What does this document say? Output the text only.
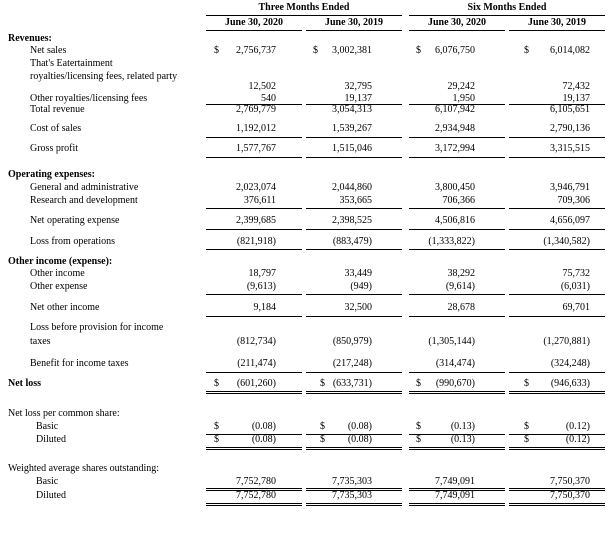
Three Months Ended	Six Months Ended
June 30, 2020	June 30, 2019	June 30, 2020	June 30, 2019
Revenues:
Net sales	$ 2,756,737	$ 3,002,381	$ 6,076,750	$ 6,014,082
That's Eatertainment
royalties/licensing fees, related party
12,502	32,795	29,242	72,432
Other royalties/licensing fees	540	19,137	1,950	19,137
Total revenue	2,769,779	3,054,313	6,107,942	6,105,651
Cost of sales	1,192,012	1,539,267	2,934,948	2,790,136
Gross profit	1,577,767	1,515,046	3,172,994	3,315,515
Operating expenses:
General and administrative	2,023,074	2,044,860	3,800,450	3,946,791
Research and development	376,611	353,665	706,366	709,306
Net operating expense	2,399,685	2,398,525	4,506,816	4,656,097
Loss from operations	(821,918)	(883,479)	(1,333,822)	(1,340,582)
Other income (expense):
Other income	18,797	33,449	38,292	75,732
Other expense	(9,613)	(949)	(9,614)	(6,031)
Net other income	9,184	32,500	28,678	69,701
Loss before provision for income
taxes	(812,734)	(850,979)	(1,305,144)	(1,270,881)
Benefit for income taxes	(211,474)	(217,248)	(314,474)	(324,248)
Net loss	$ (601,260)	$ (633,731)	$ (990,670)	$ (946,633)
Net loss per common share:
Basic	$	(0.08)	$ (0.08)	$	(0.13)	$	(0.12)
Diluted	$	(0.08)	$ (0.08)	$	(0.13)	$	(0.12)
Weighted average shares outstanding:
Basic	7,752,780	7,735,303	7,749,091	7,750,370
Diluted	7,752,780	7,735,303	7,749,091	7,750,370
